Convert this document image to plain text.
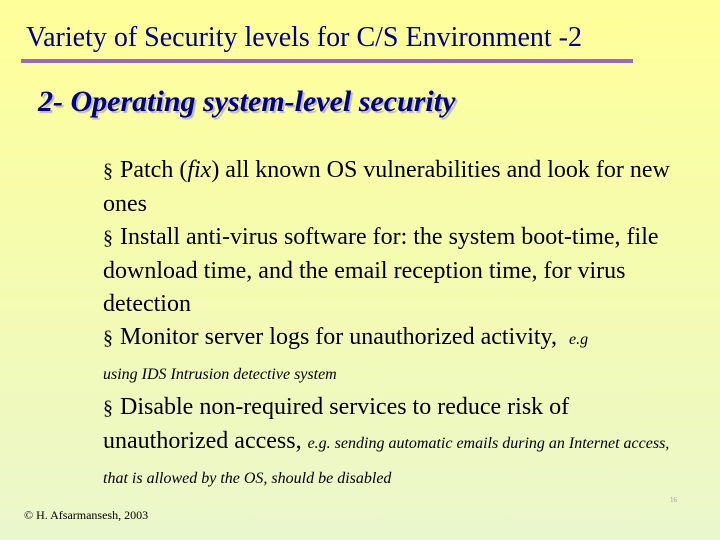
Variety of Security levels for C/S Environment -2
2- Operating system-level security

§ Patch (fix) all known OS vulnerabilities and look for new ones

§ Install anti-virus software for: the system boot-time, file download time, and the email reception time, for virus detection

§ Monitor server logs for unauthorized activity, e.g
using IDS Intrusion detective system

§ Disable non-required services to reduce risk of unauthorized access, e.g. sending automatic emails during an Internet access, that is allowed by the OS, should be disabled

© H. Afsarmansesh, 2003
16
